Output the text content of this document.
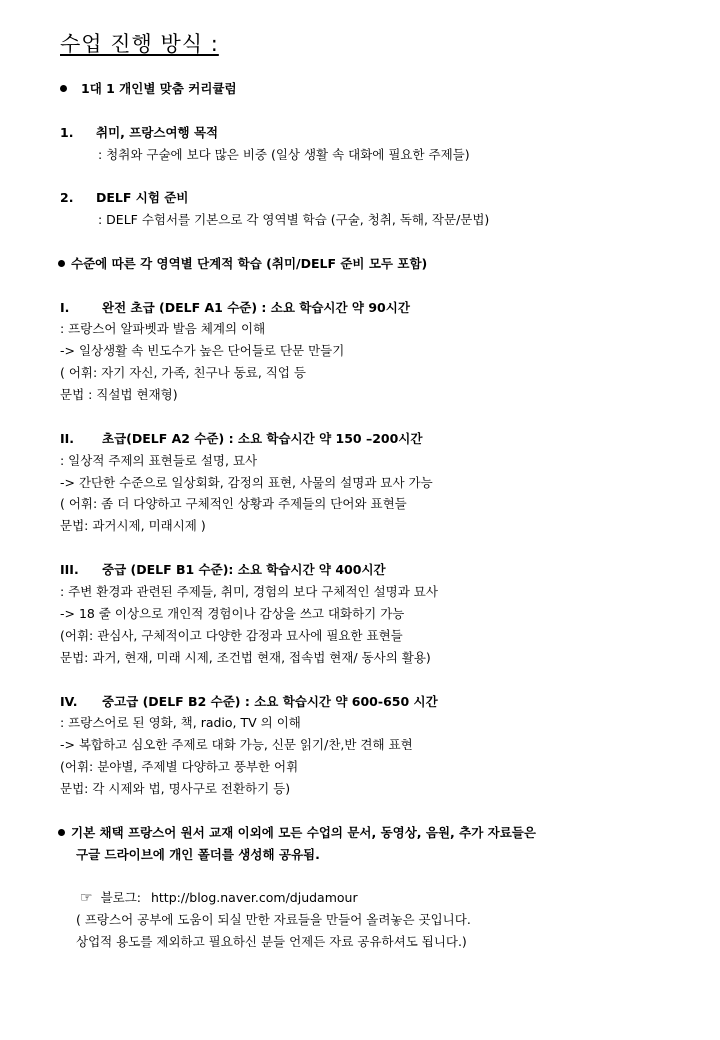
수업 진행 방식 :
1대 1 개인별 맞춤 커리큘럼
1. 취미, 프랑스여행 목적
: 청취와 구술에 보다 많은 비중 (일상 생활 속 대화에 필요한 주제들)
2. DELF 시험 준비
: DELF 수험서를 기본으로 각 영역별 학습 (구술, 청취, 독해, 작문/문법)
수준에 따른 각 영역별 단계적 학습 (취미/DELF 준비 모두 포함)
I.	완전 초급 (DELF A1 수준) : 소요 학습시간 약 90시간
: 프랑스어 알파벳과 발음 체계의 이해
-> 일상생활 속 빈도수가 높은 단어들로 단문 만들기
( 어휘: 자기 자신, 가족, 친구나 동료, 직업 등
문법 : 직설법 현재형)
II. 초급(DELF A2 수준) : 소요 학습시간 약 150 –200시간
: 일상적 주제의 표현들로 설명, 묘사
-> 간단한 수준으로 일상회화, 감정의 표현, 사물의 설명과 묘사 가능
( 어휘: 좀 더 다양하고 구체적인 상황과 주제들의 단어와 표현들
문법: 과거시제, 미래시제 )
III. 중급 (DELF B1 수준): 소요 학습시간 약 400시간
: 주변 환경과 관련된 주제들, 취미, 경험의 보다 구체적인 설명과 묘사
-> 18 줄 이상으로 개인적 경험이나 감상을 쓰고 대화하기 가능
(어휘: 관심사, 구체적이고 다양한 감정과 묘사에 필요한 표현들
문법: 과거, 현재, 미래 시제, 조건법 현재, 접속법 현재/ 동사의 활용)
IV. 중고급 (DELF B2 수준) : 소요 학습시간 약 600-650 시간
: 프랑스어로 된 영화, 책, radio, TV 의 이해
-> 복합하고 심오한 주제로 대화 가능, 신문 읽기/찬,반 견해 표현
(어휘: 분야별, 주제별 다양하고 풍부한 어휘
문법: 각 시제와 법, 명사구로 전환하기 등)
기본 채택 프랑스어 원서 교재 이외에 모든 수업의 문서, 동영상, 음원, 추가 자료들은
구글 드라이브에 개인 폴더를 생성해 공유됨.
☞ 블로그: http://blog.naver.com/djudamour
( 프랑스어 공부에 도움이 되실 만한 자료들을 만들어 올려놓은 곳입니다.
상업적 용도를 제외하고 필요하신 분들 언제든 자료 공유하셔도 됩니다.)
